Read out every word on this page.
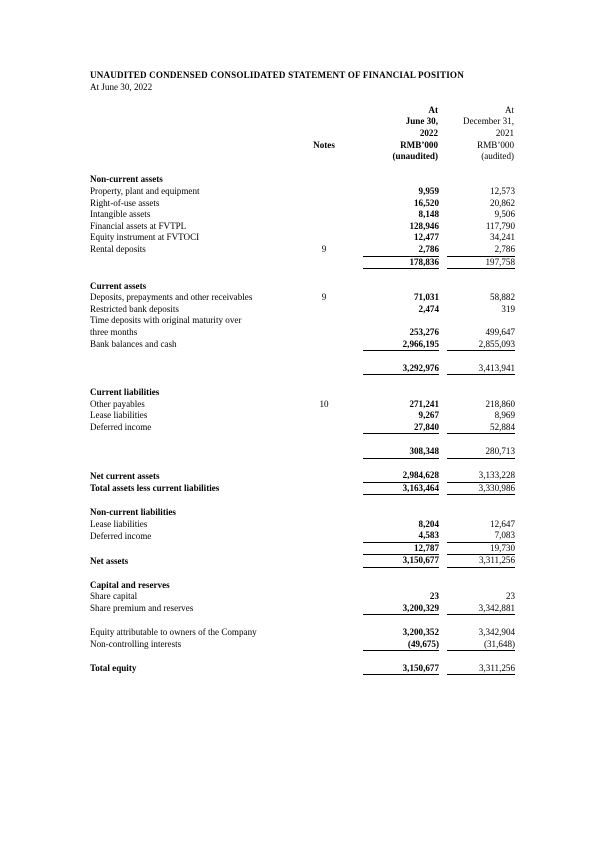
UNAUDITED CONDENSED CONSOLIDATED STATEMENT OF FINANCIAL POSITION
At June 30, 2022

			At		At
			June 30,		December 31,
			2022		2021
	Notes		RMB’000		RMB’000
			(unaudited)		(audited)

Non-current assets					
Property, plant and equipment			9,959		12,573
Right-of-use assets			16,520		20,862
Intangible assets			8,148		9,506
Financial assets at FVTPL			128,946		117,790
Equity instrument at FVTOCI			12,477		34,241
Rental deposits	9		2,786		2,786
			178,836		197,758

Current assets					
Deposits, prepayments and other receivables	9		71,031		58,882
Restricted bank deposits			2,474		319
Time deposits with original maturity over					
three months			253,276		499,647
Bank balances and cash			2,966,195		2,855,093

			3,292,976		3,413,941

Current liabilities					
Other payables	10		271,241		218,860
Lease liabilities			9,267		8,969
Deferred income			27,840		52,884

			308,348		280,713

Net current assets			2,984,628		3,133,228
Total assets less current liabilities			3,163,464		3,330,986

Non-current liabilities					
Lease liabilities			8,204		12,647
Deferred income			4,583		7,083
			12,787		19,730
Net assets			3,150,677		3,311,256

Capital and reserves					
Share capital			23		23
Share premium and reserves			3,200,329		3,342,881

Equity attributable to owners of the Company			3,200,352		3,342,904
Non-controlling interests			(49,675)		(31,648)

Total equity			3,150,677		3,311,256
